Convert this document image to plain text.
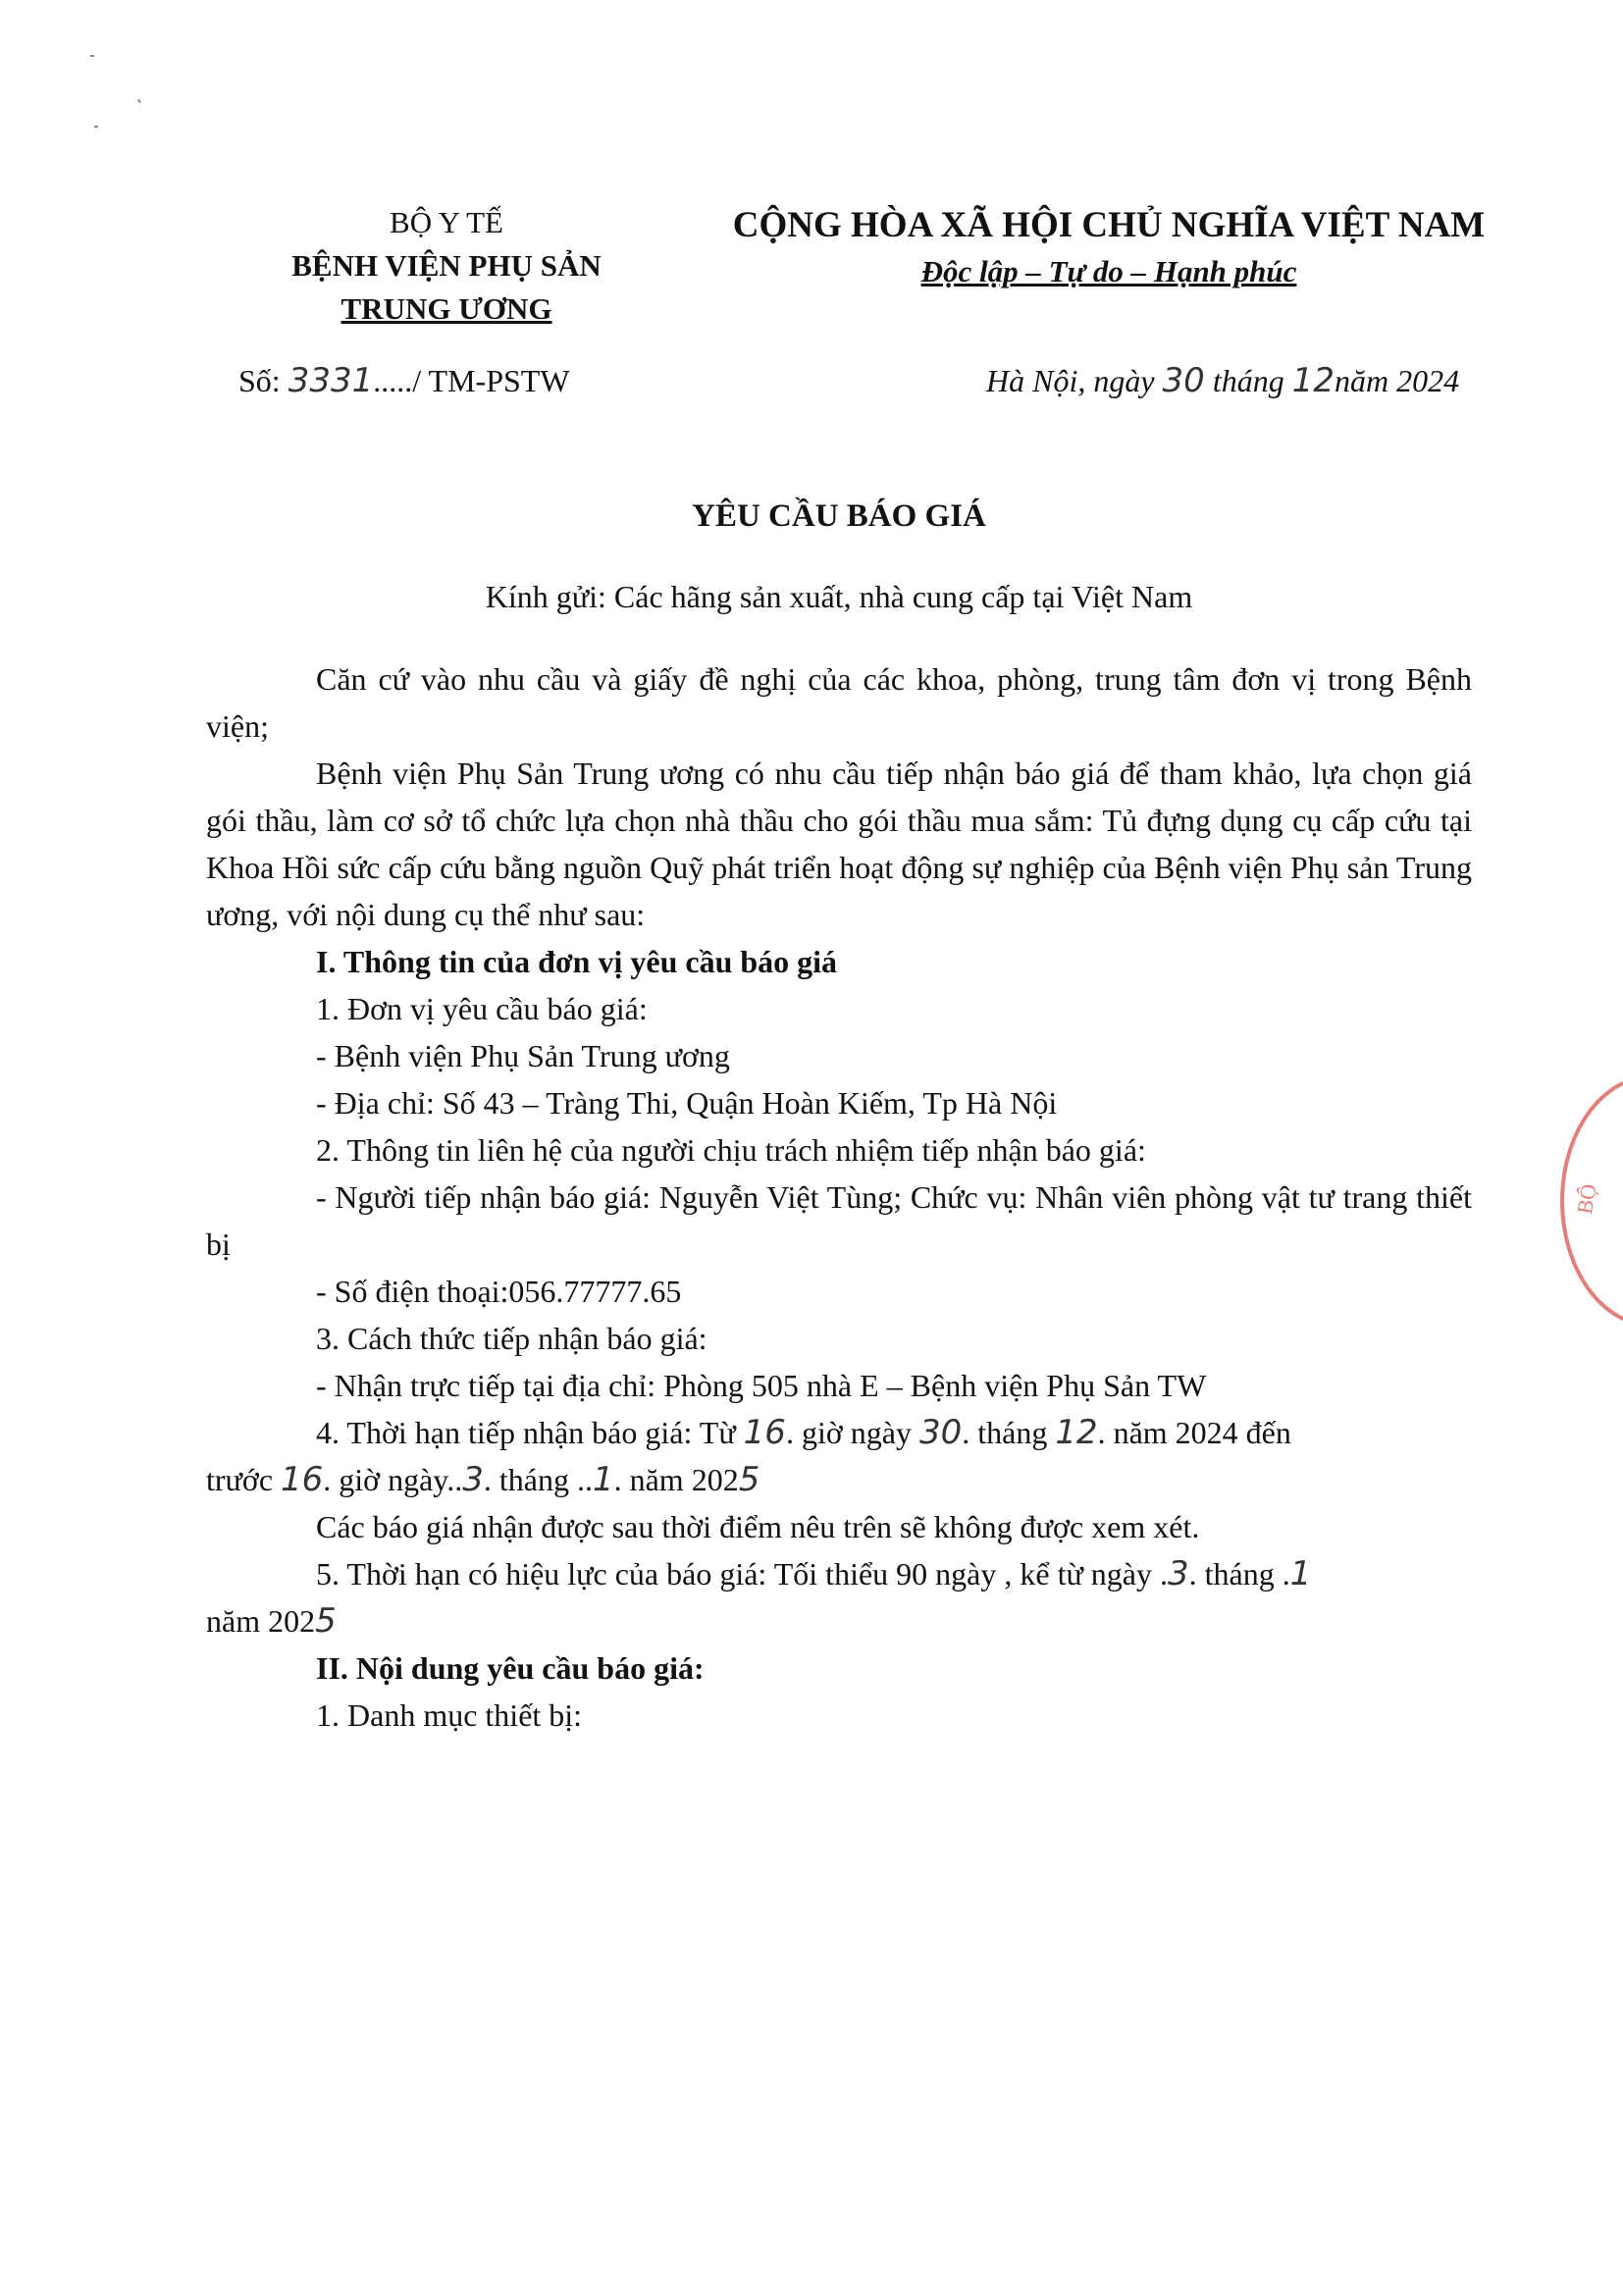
BỘ Y TẾ
BỆNH VIỆN PHỤ SẢN
TRUNG ƯƠNG
CỘNG HÒA XÃ HỘI CHỦ NGHĨA VIỆT NAM
Độc lập – Tự do – Hạnh phúc
Số: 3331...../ TM-PSTW	Hà Nội, ngày 30 tháng 12năm 2024
YÊU CẦU BÁO GIÁ
Kính gửi: Các hãng sản xuất, nhà cung cấp tại Việt Nam
Căn cứ vào nhu cầu và giấy đề nghị của các khoa, phòng, trung tâm đơn vị trong Bệnh viện;
Bệnh viện Phụ Sản Trung ương có nhu cầu tiếp nhận báo giá để tham khảo, lựa chọn giá gói thầu, làm cơ sở tổ chức lựa chọn nhà thầu cho gói thầu mua sắm: Tủ đựng dụng cụ cấp cứu tại Khoa Hồi sức cấp cứu bằng nguồn Quỹ phát triển hoạt động sự nghiệp của Bệnh viện Phụ sản Trung ương, với nội dung cụ thể như sau:
I. Thông tin của đơn vị yêu cầu báo giá
1. Đơn vị yêu cầu báo giá:
- Bệnh viện Phụ Sản Trung ương
- Địa chỉ: Số 43 – Tràng Thi, Quận Hoàn Kiếm, Tp Hà Nội
2. Thông tin liên hệ của người chịu trách nhiệm tiếp nhận báo giá:
- Người tiếp nhận báo giá: Nguyễn Việt Tùng; Chức vụ: Nhân viên phòng vật tư trang thiết bị
- Số điện thoại:056.77777.65
3. Cách thức tiếp nhận báo giá:
- Nhận trực tiếp tại địa chỉ: Phòng 505 nhà E – Bệnh viện Phụ Sản TW
4. Thời hạn tiếp nhận báo giá: Từ 16. giờ ngày 30. tháng 12. năm 2024 đến
trước 16. giờ ngày..3. tháng ..1. năm 2025
Các báo giá nhận được sau thời điểm nêu trên sẽ không được xem xét.
5. Thời hạn có hiệu lực của báo giá: Tối thiểu 90 ngày , kể từ ngày .3. tháng .1
năm 2025
II. Nội dung yêu cầu báo giá:
1. Danh mục thiết bị:
BỘ
